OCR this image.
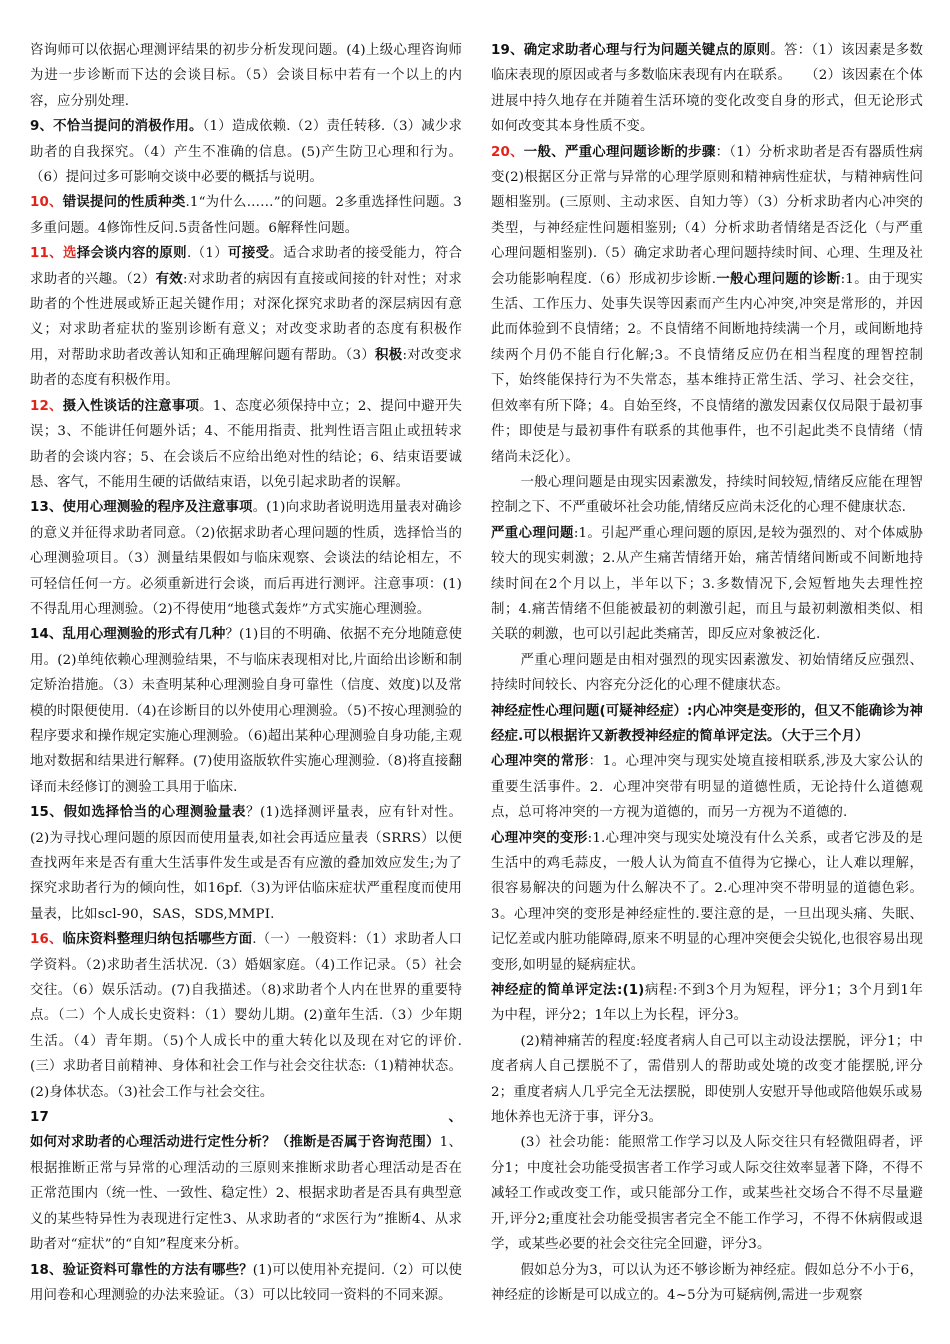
咨询师可以依据心理测评结果的初步分析发现问题。(4)上级心理咨询师为进一步诊断而下达的会谈目标。（5）会谈目标中若有一个以上的内容，应分别处理.

9、不恰当提问的消极作用。（1）造成依赖.（2）责任转移.（3）减少求助者的自我探究。（4）产生不准确的信息。(5)产生防卫心理和行为。（6）提问过多可影响交谈中必要的概括与说明。

10、错误提问的性质种类.1“为什么……”的问题。2多重选择性问题。3多重问题。4修饰性反问.5责备性问题。6解释性问题。

11、选择会谈内容的原则.（1）可接受。适合求助者的接受能力，符合求助者的兴趣。（2）有效:对求助者的病因有直接或间接的针对性；对求助者的个性进展或矫正起关键作用；对深化探究求助者的深层病因有意义；对求助者症状的鉴别诊断有意义；对改变求助者的态度有积极作用，对帮助求助者改善认知和正确理解问题有帮助。（3）积极:对改变求助者的态度有积极作用。

12、摄入性谈话的注意事项。1、态度必须保持中立；2、提问中避开失误；3、不能讲任何题外话；4、不能用指责、批判性语言阻止或扭转求助者的会谈内容；5、在会谈后不应给出绝对性的结论；6、结束语要诚恳、客气，不能用生硬的话做结束语，以免引起求助者的误解。

13、使用心理测验的程序及注意事项。(1)向求助者说明选用量表对确诊的意义并征得求助者同意。（2)依据求助者心理问题的性质，选择恰当的心理测验项目。（3）测量结果假如与临床观察、会谈法的结论相左，不可轻信任何一方。必须重新进行会谈，而后再进行测评。注意事项：(1)不得乱用心理测验。（2)不得使用“地毯式轰炸”方式实施心理测验。

14、乱用心理测验的形式有几种？(1)目的不明确、依据不充分地随意使用。(2)单纯依赖心理测验结果，不与临床表现相对比,片面给出诊断和制定矫治措施。（3）未查明某种心理测验自身可靠性（信度、效度)以及常模的时限便使用.（4)在诊断目的以外使用心理测验。（5)不按心理测验的程序要求和操作规定实施心理测验。（6)超出某种心理测验自身功能,主观地对数据和结果进行解释。(7)使用盗版软件实施心理测验.（8)将直接翻译而未经修订的测验工具用于临床.

15、假如选择恰当的心理测验量表？(1)选择测评量表，应有针对性。(2)为寻找心理问题的原因而使用量表,如社会再适应量表（SRRS）以便查找两年来是否有重大生活事件发生或是否有应激的叠加效应发生;为了探究求助者行为的倾向性，如16pf.（3)为评估临床症状严重程度而使用量表，比如scl-90，SAS，SDS,MMPI.

16、临床资料整理归纳包括哪些方面.（一）一般资料：（1）求助者人口学资料。（2)求助者生活状况.（3）婚姻家庭。（4)工作记录。（5）社会交往。（6）娱乐活动。(7)自我描述。（8)求助者个人内在世界的重要特点。（二）个人成长史资料：（1）婴幼儿期。(2)童年生活.（3）少年期生活。（4）青年期。（5)个人成长中的重大转化以及现在对它的评价.(三）求助者目前精神、身体和社会工作与社会交往状态:（1)精神状态。(2)身体状态。（3)社会工作与社会交往。

17、如何对求助者的心理活动进行定性分析？（推断是否属于咨询范围）1、根据推断正常与异常的心理活动的三原则来推断求助者心理活动是否在正常范围内（统一性、一致性、稳定性）2、根据求助者是否具有典型意义的某些特异性为表现进行定性3、从求助者的“求医行为”推断4、从求助者对“症状”的“自知”程度来分析。

18、验证资料可靠性的方法有哪些？(1)可以使用补充提问.（2）可以使用问卷和心理测验的办法来验证。（3）可以比较同一资料的不同来源。

19、确定求助者心理与行为问题关键点的原则。答：（1）该因素是多数临床表现的原因或者与多数临床表现有内在联系。　　（2）该因素在个体进展中持久地存在并随着生活环境的变化改变自身的形式，但无论形式如何改变其本身性质不变。

20、一般、严重心理问题诊断的步骤：（1）分析求助者是否有器质性病变(2)根据区分正常与异常的心理学原则和精神病性症状，与精神病性问题相鉴别。(三原则、主动求医、自知力等）（3）分析求助者内心冲突的类型，与神经症性问题相鉴别;（4）分析求助者情绪是否泛化（与严重心理问题相鉴别).（5）确定求助者心理问题持续时间、心理、生理及社会功能影响程度.（6）形成初步诊断.一般心理问题的诊断:1。由于现实生活、工作压力、处事失误等因素而产生内心冲突,冲突是常形的，并因此而体验到不良情绪；2。不良情绪不间断地持续满一个月，或间断地持续两个月仍不能自行化解;3。不良情绪反应仍在相当程度的理智控制下，始终能保持行为不失常态，基本维持正常生活、学习、社会交往，但效率有所下降；4。自始至终，不良情绪的激发因素仅仅局限于最初事件；即使是与最初事件有联系的其他事件，也不引起此类不良情绪（情绪尚未泛化）。

一般心理问题是由现实因素激发，持续时间较短,情绪反应能在理智控制之下、不严重破坏社会功能,情绪反应尚未泛化的心理不健康状态.

严重心理问题:1。引起严重心理问题的原因,是较为强烈的、对个体威胁较大的现实刺激；2.从产生痛苦情绪开始，痛苦情绪间断或不间断地持续时间在2个月以上，半年以下；3.多数情况下,会短暂地失去理性控制；4.痛苦情绪不但能被最初的刺激引起，而且与最初刺激相类似、相关联的刺激，也可以引起此类痛苦，即反应对象被泛化.

严重心理问题是由相对强烈的现实因素激发、初始情绪反应强烈、持续时间较长、内容充分泛化的心理不健康状态。

神经症性心理问题(可疑神经症）:内心冲突是变形的，但又不能确诊为神经症.可以根据许又新教授神经症的简单评定法。（大于三个月）

心理冲突的常形：1。心理冲突与现实处境直接相联系,涉及大家公认的重要生活事件。2．心理冲突带有明显的道德性质，无论持什么道德观点，总可将冲突的一方视为道德的，而另一方视为不道德的.

心理冲突的变形:1.心理冲突与现实处境没有什么关系，或者它涉及的是生活中的鸡毛蒜皮，一般人认为简直不值得为它操心，让人难以理解，很容易解决的问题为什么解决不了。2.心理冲突不带明显的道德色彩。3。心理冲突的变形是神经症性的.要注意的是，一旦出现头痛、失眠、记忆差或内脏功能障碍,原来不明显的心理冲突便会尖锐化,也很容易出现变形,如明显的疑病症状。

神经症的简单评定法:(1)病程:不到3个月为短程，评分1；3个月到1年为中程，评分2；1年以上为长程，评分3。

(2)精神痛苦的程度:轻度者病人自己可以主动设法摆脱，评分1；中度者病人自己摆脱不了，需借别人的帮助或处境的改变才能摆脱,评分2；重度者病人几乎完全无法摆脱，即使别人安慰开导他或陪他娱乐或易地休养也无济于事，评分3。

(3）社会功能：能照常工作学习以及人际交往只有轻微阻碍者，评分1；中度社会功能受损害者工作学习或人际交往效率显著下降，不得不减轻工作或改变工作，或只能部分工作，或某些社交场合不得不尽量避开,评分2;重度社会功能受损害者完全不能工作学习，不得不休病假或退学，或某些必要的社会交往完全回避，评分3。

假如总分为3，可以认为还不够诊断为神经症。假如总分不小于6，神经症的诊断是可以成立的。4~5分为可疑病例,需进一步观察
